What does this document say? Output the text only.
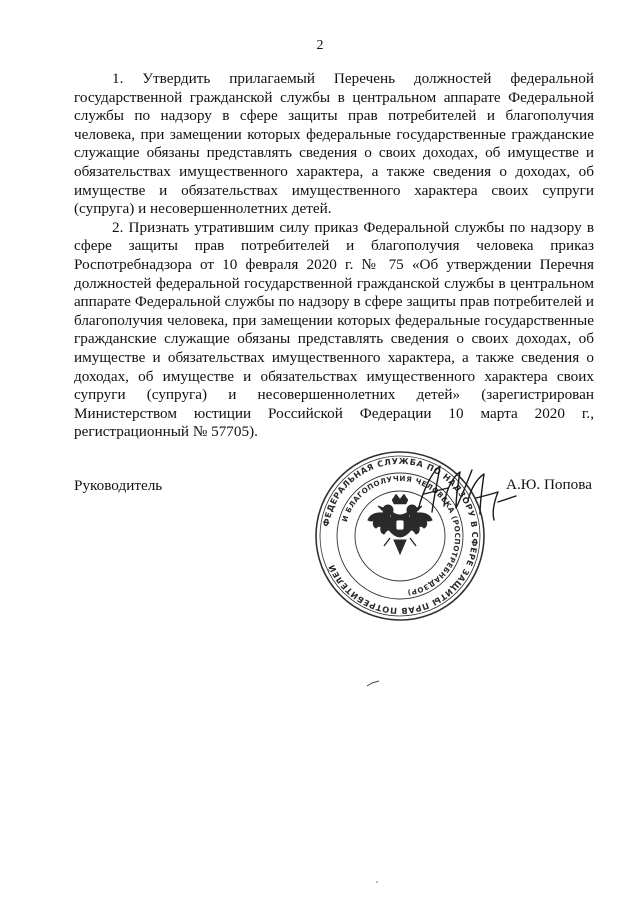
2

1. Утвердить прилагаемый Перечень должностей федеральной государственной гражданской службы в центральном аппарате Федеральной службы по надзору в сфере защиты прав потребителей и благополучия человека, при замещении которых федеральные государственные гражданские служащие обязаны представлять сведения о своих доходах, об имуществе и обязательствах имущественного характера, а также сведения о доходах, об имуществе и обязательствах имущественного характера своих супруги (супруга) и несовершеннолетних детей.

2. Признать утратившим силу приказ Федеральной службы по надзору в сфере защиты прав потребителей и благополучия человека приказ Роспотребнадзора от 10 февраля 2020 г. № 75 «Об утверждении Перечня должностей федеральной государственной гражданской службы в центральном аппарате Федеральной службы по надзору в сфере защиты прав потребителей и благополучия человека, при замещении которых федеральные государственные гражданские служащие обязаны представлять сведения о своих доходах, об имуществе и обязательствах имущественного характера, а также сведения о доходах, об имуществе и обязательствах имущественного характера своих супруги (супруга) и несовершеннолетних детей» (зарегистрирован Министерством юстиции Российской Федерации 10 марта 2020 г., регистрационный № 57705).

Руководитель
ФЕДЕРАЛЬНАЯ СЛУЖБА ПО НАДЗОРУ В СФЕРЕ ЗАЩИТЫ ПРАВ ПОТРЕБИТЕЛЕЙ
И БЛАГОПОЛУЧИЯ ЧЕЛОВЕКА (РОСПОТРЕБНАДЗОР)
А.Ю. Попова
